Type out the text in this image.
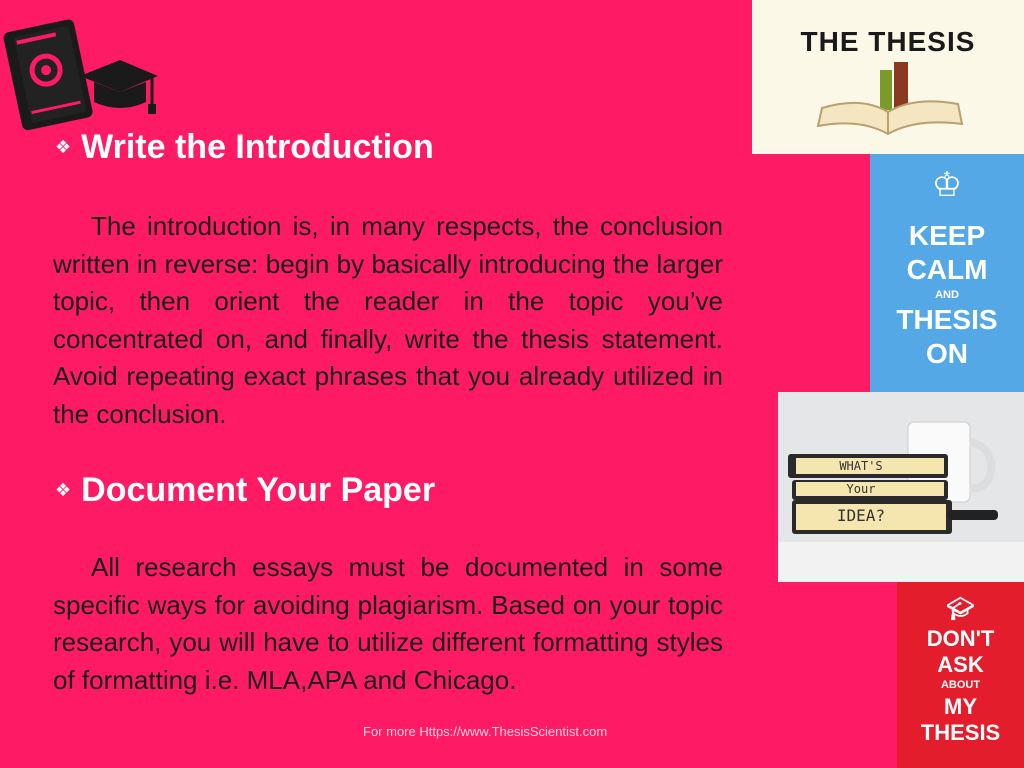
❖ Write the Introduction
The introduction is, in many respects, the conclusion written in reverse: begin by basically introducing the larger topic, then orient the reader in the topic you’ve concentrated on, and finally, write the thesis statement. Avoid repeating exact phrases that you already utilized in the conclusion.
❖ Document Your Paper
All research essays must be documented in some specific ways for avoiding plagiarism. Based on your topic research, you will have to utilize different formatting styles of formatting i.e. MLA,APA and Chicago.
For more Https://www.ThesisScientist.com
THE THESIS
♔
KEEP
CALM
AND
THESIS
ON
WHAT'S
Your
IDEA?
🎓︎
DON'T
ASK
ABOUT
MY
THESIS
